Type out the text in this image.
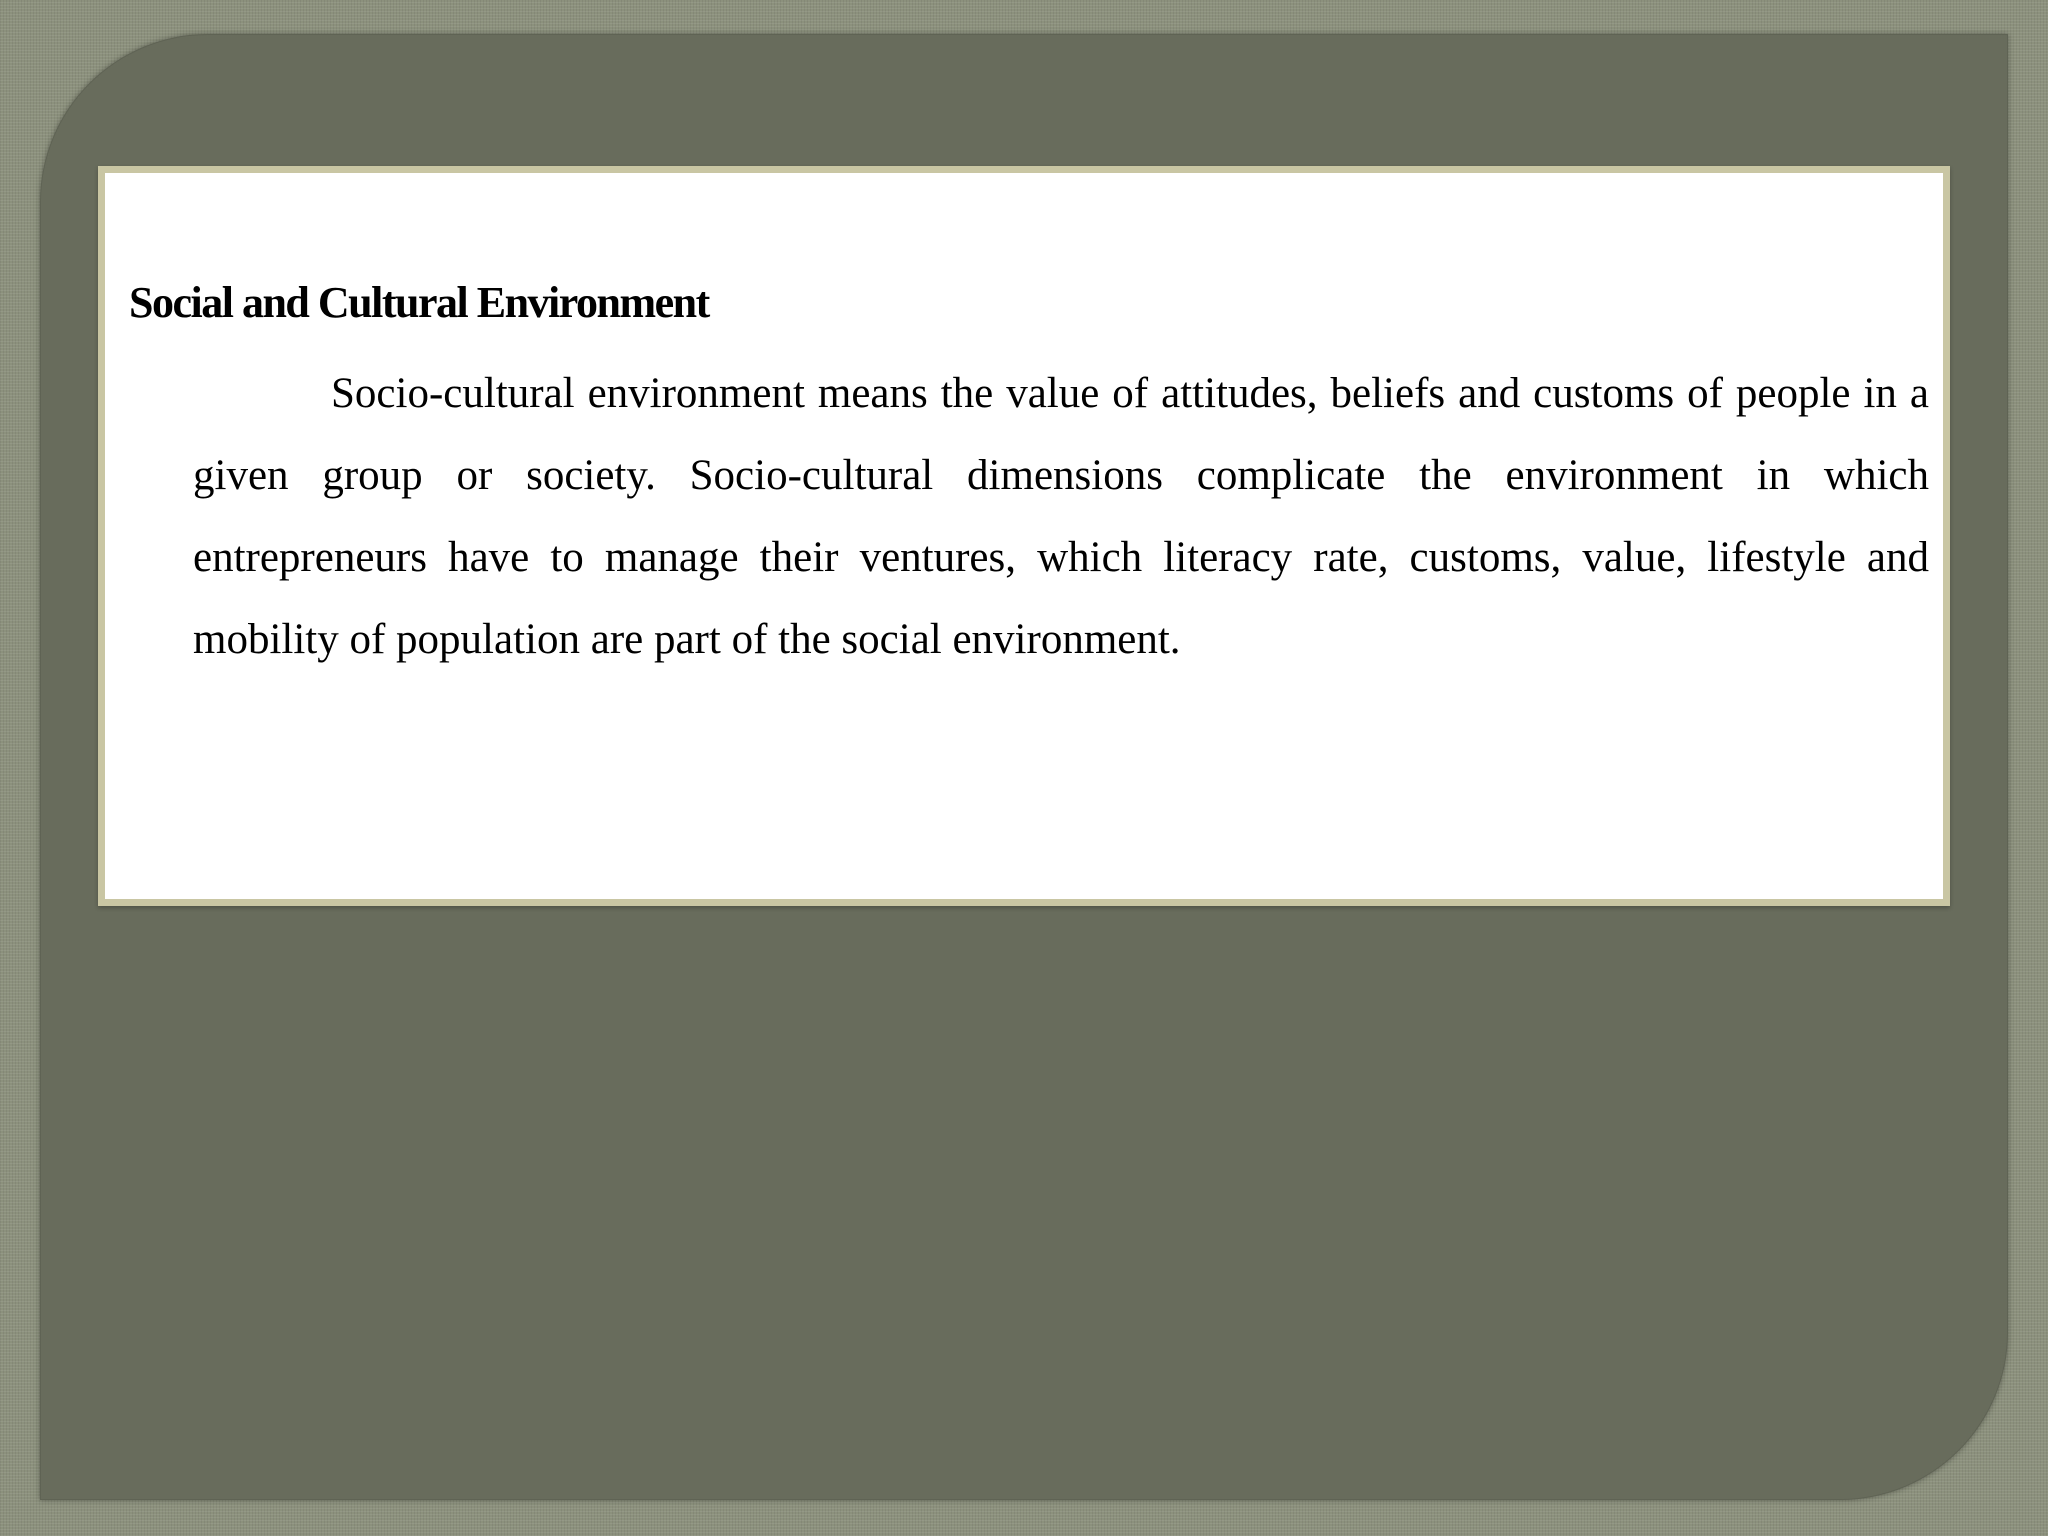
Social and Cultural Environment

Socio-cultural environment means the value of attitudes, beliefs and customs of people in a given group or society. Socio-cultural dimensions complicate the environment in which entrepreneurs have to manage their ventures, which literacy rate, customs, value, lifestyle and mobility of population are part of the social environment.
